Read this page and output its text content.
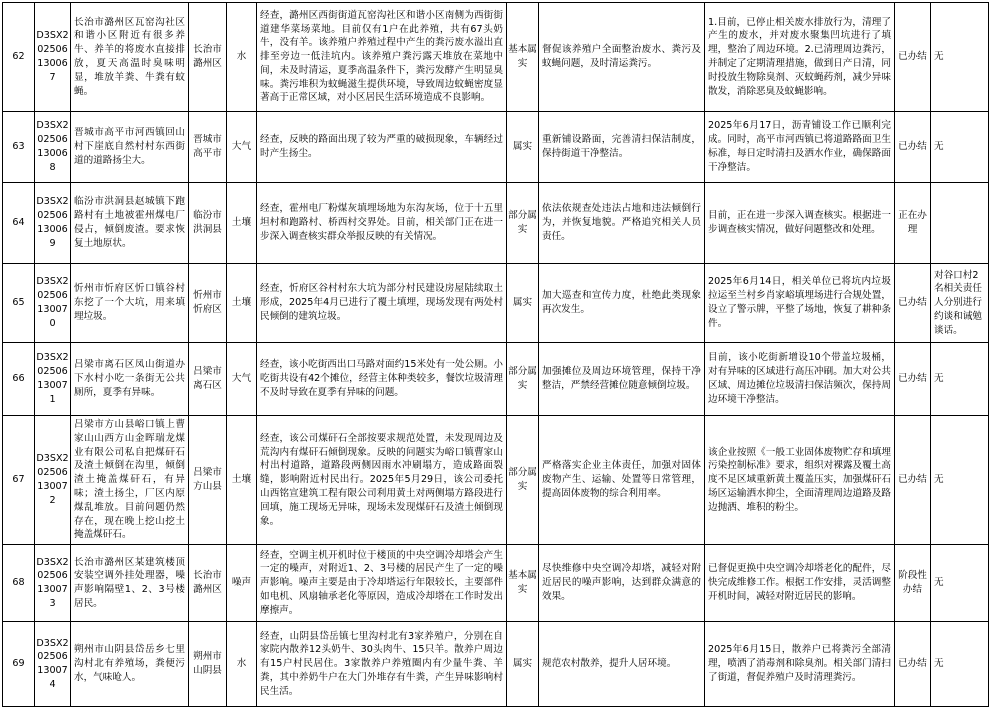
62	D3SX202506130067	长治市潞州区瓦窑沟社区和谐小区附近有很多养牛、养羊的将废水直接排放，夏天高温时臭味明显，堆放羊粪、牛粪有蚊蝇。	长治市潞州区	水	经查，潞州区西街街道瓦窑沟社区和谐小区南侧为西街街道建华菜场菜地。目前仅有1户在此养殖，共有67头奶牛，没有羊。该养殖户养殖过程中产生的粪污废水溢出直排至旁边一低洼坑内。该养殖户粪污露天堆放在菜地中间，未及时清运，夏季高温条件下，粪污发酵产生明显臭味。粪污堆积为蚊蝇滋生提供环境，导致周边蚊蝇密度显著高于正常区域，对小区居民生活环境造成不良影响。	基本属实	督促该养殖户全面整治废水、粪污及蚊蝇问题，及时清运粪污。	1.目前，已停止相关废水排放行为，清理了产生的废水，并对废水聚集凹坑进行了填埋，整治了周边环境。2.已清理周边粪污，并制定了定期清理措施，做到日产日清，同时投放生物除臭剂、灭蚊蝇药剂，减少异味散发，消除恶臭及蚊蝇影响。	已办结	无
63	D3SX202506130068	晋城市高平市河西镇回山村下崖底自然村村东西街道的道路扬尘大。	晋城市高平市	大气	经查，反映的路面出现了较为严重的破损现象，车辆经过时产生扬尘。	属实	重新铺设路面，完善清扫保洁制度，保持街道干净整洁。	2025年6月17日，沥青铺设工作已顺利完成。同时，高平市河西镇已将道路路面卫生标准，每日定时清扫及洒水作业，确保路面干净整洁。	已办结	无
64	D3SX202506130069	临汾市洪洞县赵城镇下跑路村有土地被霍州煤电厂侵占，倾倒废渣。要求恢复土地原状。	临汾市洪洞县	土壤	经查，霍州电厂粉煤灰填埋场地为东沟灰场，位于十五里坦村和跑路村、桥西村交界处。目前，相关部门正在进一步深入调查核实群众举报反映的有关情况。	部分属实	依法依规查处违法占地和违法倾倒行为，并恢复地貌。严格追究相关人员责任。	目前，正在进一步深入调查核实。根据进一步调查核实情况，做好问题整改和处理。	正在办理	
65	D3SX202506130070	忻州市忻府区忻口镇谷村东挖了一个大坑，用来填埋垃圾。	忻州市忻府区	土壤	经查，忻府区谷村村东大坑为部分村民建设房屋陆续取土形成，2025年4月已进行了覆土填埋，现场发现有两处村民倾倒的建筑垃圾。	属实	加大巡查和宣传力度，杜绝此类现象再次发生。	2025年6月14日，相关单位已将坑内垃圾拉运至兰村乡肖家峪填埋场进行合规处置，设立了警示牌，平整了场地，恢复了耕种条件。	已办结	对谷口村2名相关责任人分别进行约谈和诫勉谈话。
66	D3SX202506130071	吕梁市离石区凤山街道办下水村小吃一条街无公共厕所，夏季有异味。	吕梁市离石区	大气	经查，该小吃街西出口马路对面约15米处有一处公厕。小吃街共设有42个摊位，经营主体种类较多，餐饮垃圾清理不及时导致在夏季有异味的问题。	部分属实	加强摊位及周边环境管理，保持干净整洁，严禁经营摊位随意倾倒垃圾。	目前，该小吃街新增设10个带盖垃圾桶，对有异味的区域进行高压冲刷。加大对公共区域、周边摊位垃圾清扫保洁频次，保持周边环境干净整洁。	已办结	无
67	D3SX202506130072	吕梁市方山县峪口镇上曹家山山西方山金晖瑞龙煤业有限公司私自把煤矸石及渣土倾倒在沟里，倾倒渣土掩盖煤矸石，有异味；渣土扬尘，厂区内原煤乱堆放。目前问题仍然存在，现在晚上挖山挖土掩盖煤矸石。	吕梁市方山县	土壤	经查，该公司煤矸石全部按要求规范处置，未发现周边及荒沟内有煤矸石倾倒现象。反映的问题实为峪口镇曹家山村出村道路，道路段两侧因雨水冲刷塌方，造成路面裂缝，影响附近村民出行。2025年5月29日，该公司委托山西铭宣建筑工程有限公司利用黄土对两侧塌方路段进行回填，施工现场无异味，现场未发现煤矸石及渣土倾倒现象。	部分属实	严格落实企业主体责任，加强对固体废物产生、运输、处置等日常管理，提高固体废物的综合利用率。	该企业按照《一般工业固体废物贮存和填埋污染控制标准》要求，组织对裸露及覆土高度不足区域重新黄土覆盖压实，加强煤矸石场区运输洒水抑尘，全面清理周边道路及路边抛洒、堆积的粉尘。	已办结	无
68	D3SX202506130073	长治市潞州区某建筑楼顶安装空调外挂处理器，噪声影响隔壁1、2、3号楼居民。	长治市潞州区	噪声	经查，空调主机开机时位于楼顶的中央空调冷却塔会产生一定的噪声，对附近1、2、3号楼的居民产生了一定的噪声影响。噪声主要是由于冷却塔运行年限较长，主要部件如电机、风扇轴承老化等原因，造成冷却塔在工作时发出摩擦声。	基本属实	尽快维修中央空调冷却塔，减轻对附近居民的噪声影响，达到群众满意的效果。	已督促更换中央空调冷却塔老化的配件，尽快完成维修工作。根据工作安排，灵活调整开机时间，减轻对附近居民的影响。	阶段性办结	无
69	D3SX202506130074	朔州市山阴县岱岳乡七里沟村北有养殖场，粪便污水，气味呛人。	朔州市山阴县	水	经查，山阴县岱岳镇七里沟村北有3家养殖户，分别在自家院内散养12头奶牛、30头肉牛、15只羊。散养户周边有15户村民居住。3家散养户养殖圈内有少量牛粪、羊粪，其中养奶牛户在大门外堆存有牛粪，产生异味影响村民生活。	属实	规范农村散养，提升人居环境。	2025年6月15日，散养户已将粪污全部清理，喷洒了消毒剂和除臭剂。相关部门清扫了街道，督促养殖户及时清理粪污。	已办结	无
